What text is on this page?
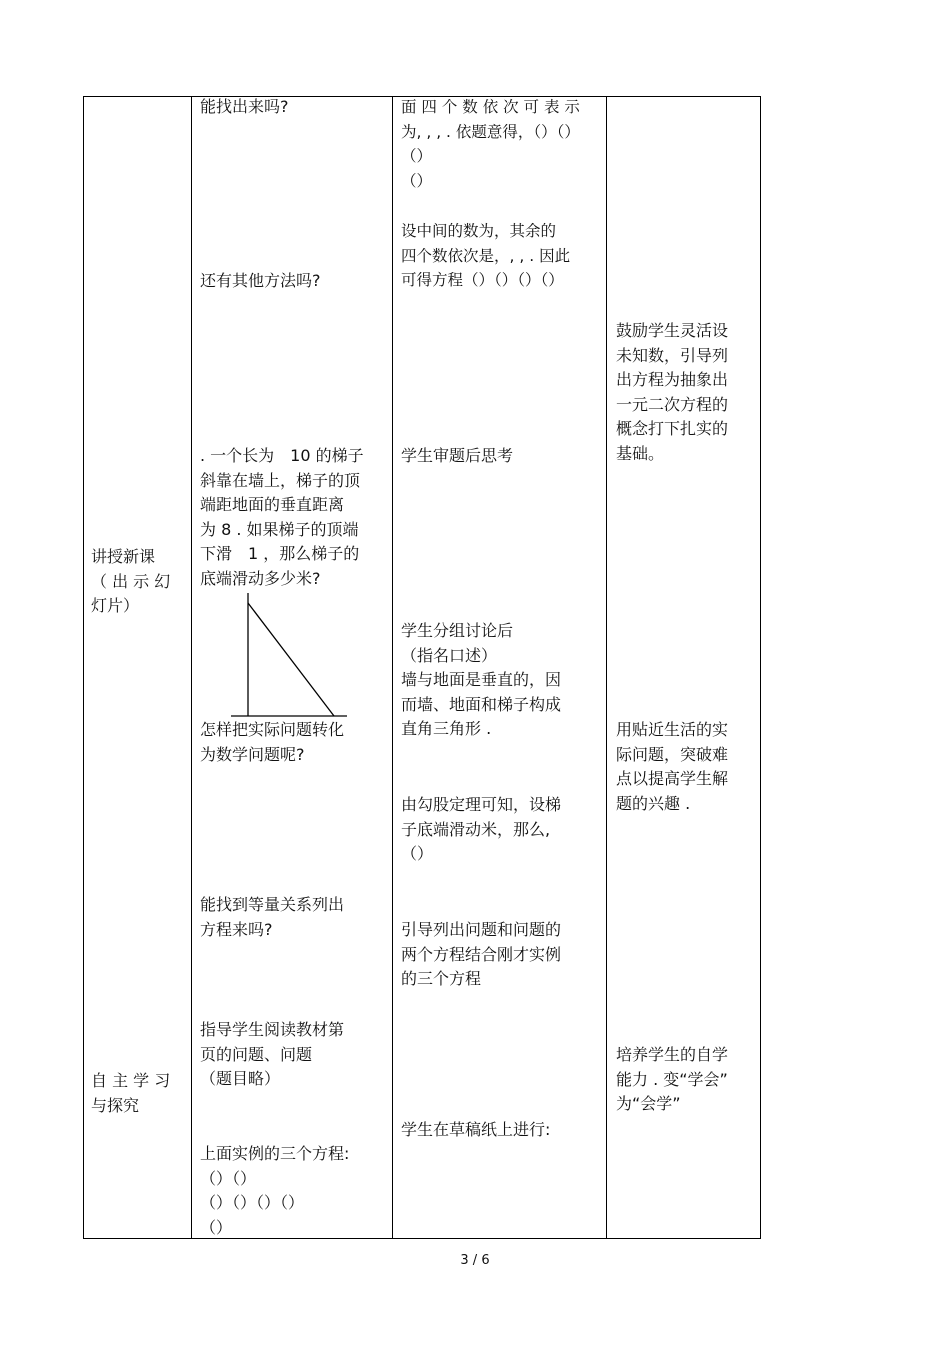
讲授新课
（ 出 示 幻
灯片）
自 主 学 习
与探究
能找出来吗?
还有其他方法吗?
. 一个长为　10 的梯子
斜靠在墙上，梯子的顶
端距地面的垂直距离
为 8 . 如果梯子的顶端
下滑　1 ，那么梯子的
底端滑动多少米?
怎样把实际问题转化
为数学问题呢?
能找到等量关系列出
方程来吗?
指导学生阅读教材第
页的问题、问题
（题目略）
上面实例的三个方程:
（）（）
（）（）（）（）
（）
面 四 个 数 依 次 可 表 示
为, , , . 依题意得，（）（）
（）
（）
设中间的数为，其余的
四个数依次是，, , . 因此
可得方程（）（）（）（）
学生审题后思考
学生分组讨论后
（指名口述）
墙与地面是垂直的，因
而墙、地面和梯子构成
直角三角形 .
由勾股定理可知，设梯
子底端滑动米，那么,
（）
引导列出问题和问题的
两个方程结合刚才实例
的三个方程
学生在草稿纸上进行:
鼓励学生灵活设
未知数，引导列
出方程为抽象出
一元二次方程的
概念打下扎实的
基础。
用贴近生活的实
际问题，突破难
点以提高学生解
题的兴趣 .
培养学生的自学
能力 . 变“学会”
为“会学”
3 / 6
